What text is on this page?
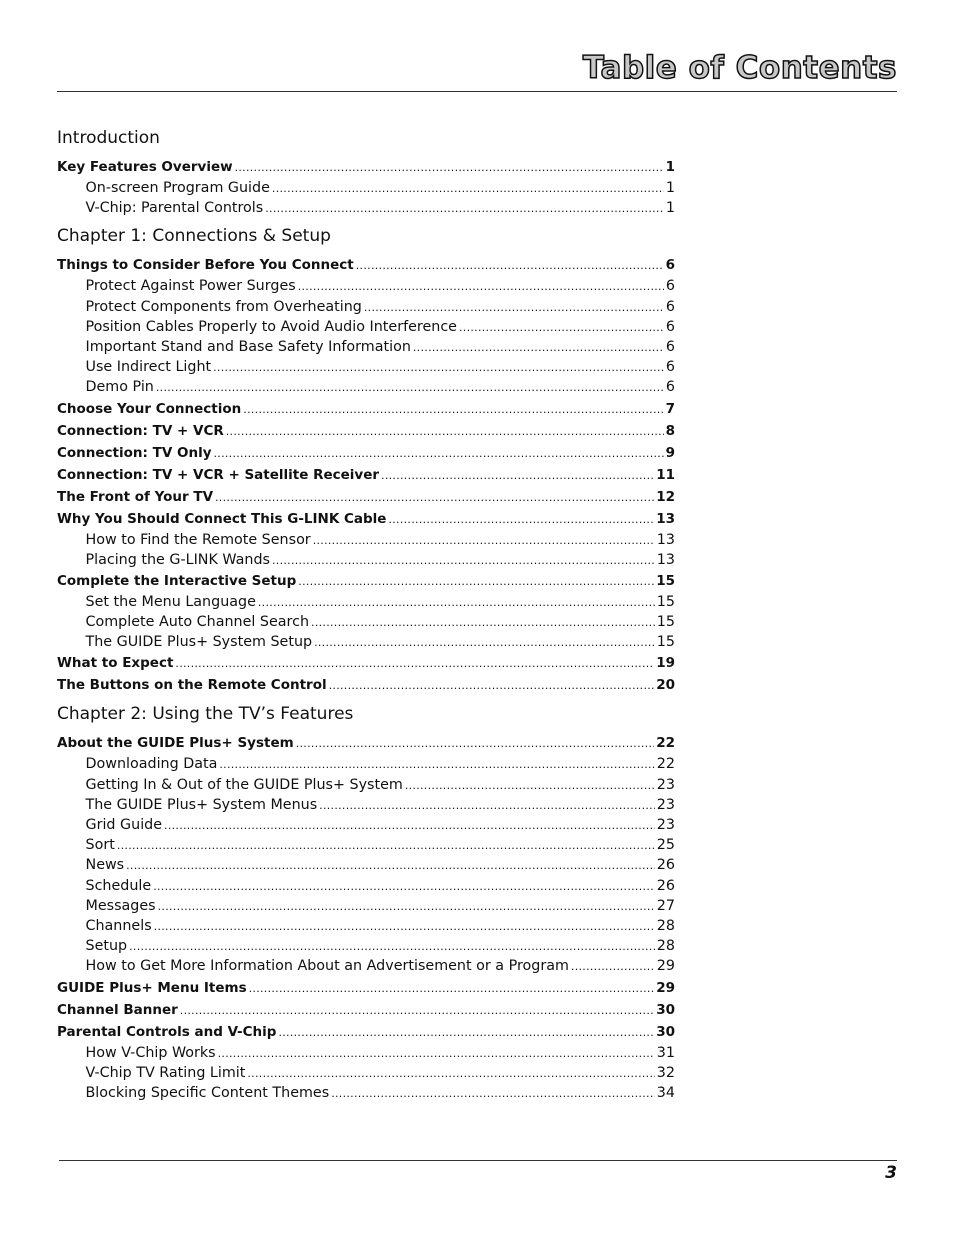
Table of Contents
Introduction
Key Features Overview . . .	1
On-screen Program Guide . . .	1
V-Chip: Parental Controls . . .	1
Chapter 1: Connections & Setup
Things to Consider Before You Connect . . .	6
Protect Against Power Surges . . .	6
Protect Components from Overheating . . .	6
Position Cables Properly to Avoid Audio Interference . . .	6
Important Stand and Base Safety Information . . .	6
Use Indirect Light . . .	6
Demo Pin . . .	6
Choose Your Connection . . .	7
Connection: TV + VCR . . .	8
Connection: TV Only . . .	9
Connection: TV + VCR + Satellite Receiver . . .	11
The Front of Your TV . . .	12
Why You Should Connect This G-LINK Cable . . .	13
How to Find the Remote Sensor . . .	13
Placing the G-LINK Wands . . .	13
Complete the Interactive Setup . . .	15
Set the Menu Language . . .	15
Complete Auto Channel Search . . .	15
The GUIDE Plus+ System Setup . . .	15
What to Expect . . .	19
The Buttons on the Remote Control . . .	20
Chapter 2: Using the TV’s Features
About the GUIDE Plus+ System . . .	22
Downloading Data . . .	22
Getting In & Out of the GUIDE Plus+ System . . .	23
The GUIDE Plus+ System Menus . . .	23
Grid Guide . . .	23
Sort . . .	25
News . . .	26
Schedule . . .	26
Messages . . .	27
Channels . . .	28
Setup . . .	28
How to Get More Information About an Advertisement or a Program . . .	29
GUIDE Plus+ Menu Items . . .	29
Channel Banner . . .	30
Parental Controls and V-Chip . . .	30
How V-Chip Works . . .	31
V-Chip TV Rating Limit . . .	32
Blocking Specific Content Themes . . .	34
3
